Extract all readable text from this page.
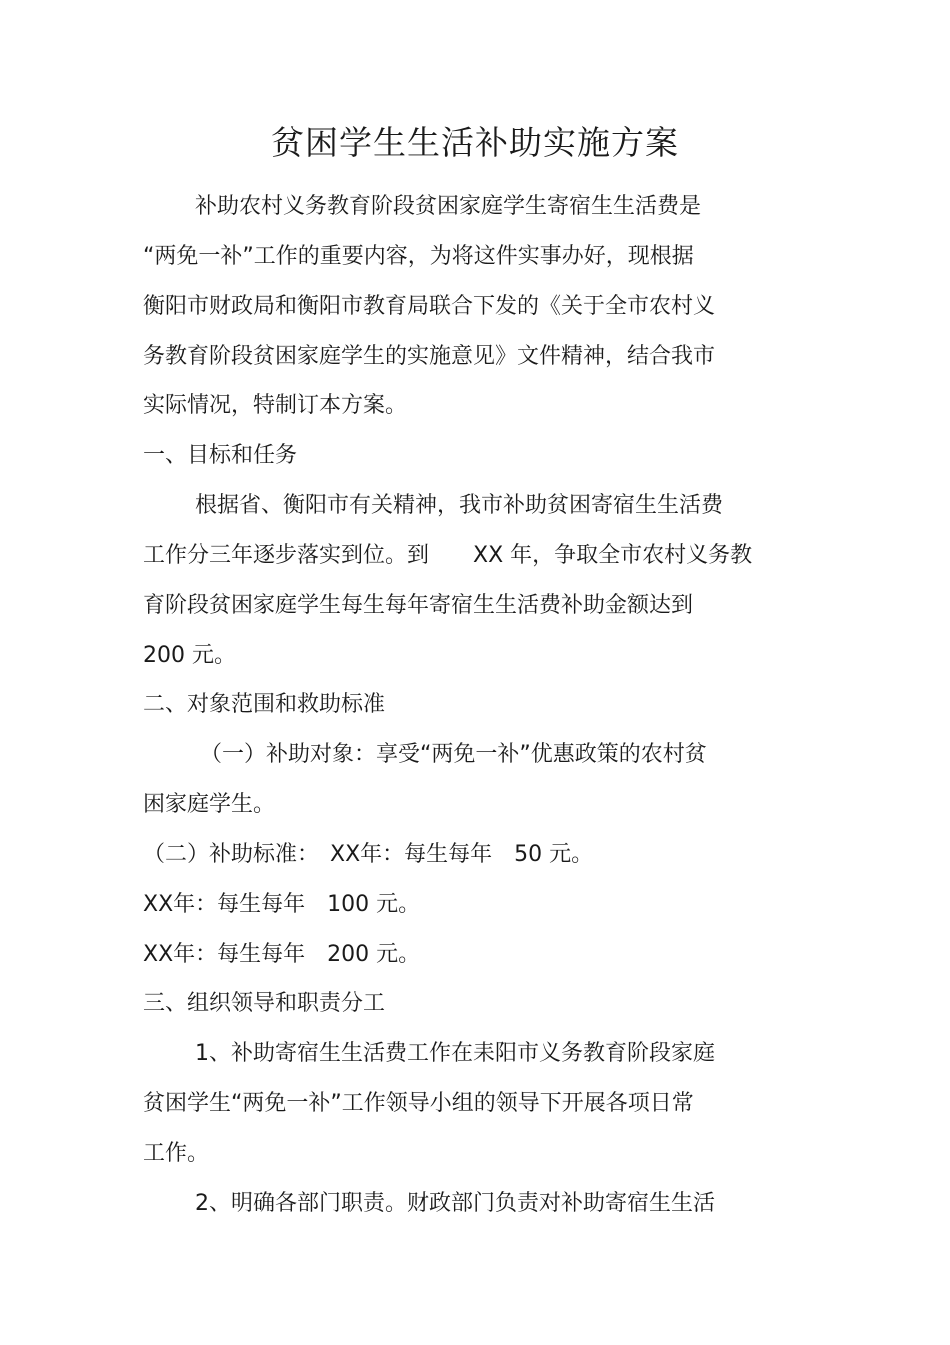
贫困学生生活补助实施方案
补助农村义务教育阶段贫困家庭学生寄宿生生活费是
“两免一补”工作的重要内容，为将这件实事办好，现根据
衡阳市财政局和衡阳市教育局联合下发的《关于全市农村义
务教育阶段贫困家庭学生的实施意见》文件精神，结合我市
实际情况，特制订本方案。
一、目标和任务
根据省、衡阳市有关精神，我市补助贫困寄宿生生活费
工作分三年逐步落实到位。到　　XX 年，争取全市农村义务教
育阶段贫困家庭学生每生每年寄宿生生活费补助金额达到
200 元。
二、对象范围和救助标准
（一）补助对象：享受“两免一补”优惠政策的农村贫
困家庭学生。
（二）补助标准：　XX年：每生每年　50 元。
XX年：每生每年　100 元。
XX年：每生每年　200 元。
三、组织领导和职责分工
1、补助寄宿生生活费工作在耒阳市义务教育阶段家庭
贫困学生“两免一补”工作领导小组的领导下开展各项日常
工作。
2、明确各部门职责。财政部门负责对补助寄宿生生活
